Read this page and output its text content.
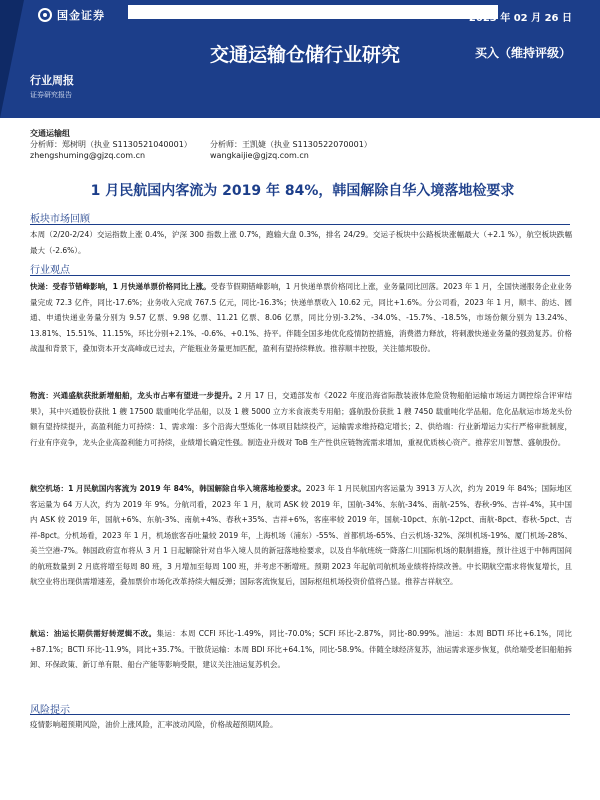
国金证券	2023 年 02 月 26 日
交通运输仓储行业研究	买入（维持评级）
行业周报
证券研究报告
交通运输组
分析师：郑树明（执业 S1130521040001）	分析师：王凯婕（执业 S1130522070001）
zhengshuming@gjzq.com.cn	wangkaijie@gjzq.com.cn
1 月民航国内客流为 2019 年 84%，韩国解除自华入境落地检要求
板块市场回顾
本周（2/20-2/24）交运指数上涨 0.4%，沪深 300 指数上涨 0.7%，跑输大盘 0.3%，排名 24/29。交运子板块中公路板块涨幅最大（+2.1 %），航空板块跌幅最大（-2.6%）。
行业观点
快递：受春节错峰影响，1 月快递单票价格同比上涨。受春节假期错峰影响，1 月快递单票价格同比上涨，业务量同比回落。2023 年 1 月，全国快递服务企业业务量完成 72.3 亿件，同比-17.6%；业务收入完成 767.5 亿元，同比-16.3%；快递单票收入 10.62 元，同比+1.6%。分公司看，2023 年 1 月，顺丰、韵达、圆通、申通快递业务量分别为 9.57 亿票、9.98 亿票、11.21 亿票、8.06 亿票，同比分别-3.2%、-34.0%、-15.7%、-18.5%，市场份额分别为 13.24%、13.81%、15.51%、11.15%，环比分别+2.1%、-0.6%、+0.1%、持平。伴随全国多地优化疫情防控措施，消费潜力释放，将刺激快递业务量的强劲复苏。价格战温和背景下，叠加资本开支高峰或已过去，产能瓶业务量更加匹配，盈利有望持续释放。推荐顺丰控股，关注德邦股份。
物流：兴通盛航获批新增船舶，龙头市占率有望进一步提升。2 月 17 日，交通部发布《2022 年度沿海省际散装液体危险货物船舶运输市场运力调控综合评审结果》，其中兴通股份获批 1 艘 17500 载重吨化学品船，以及 1 艘 5000 立方米食液类专用船；盛航股份获批 1 艘 7450 载重吨化学品船。危化品航运市场龙头份额有望持续提升，高盈利能力可持续：1、需求端：多个沿海大型炼化一体项目陆续投产，运输需求维持稳定增长；2、供给端：行业新增运力实行严格审批制度，行业有序竞争，龙头企业高盈利能力可持续，业绩增长确定性强。制造业升级对 ToB 生产性供应链物流需求增加，重视优质核心资产。推荐宏川智慧、盛航股份。
航空机场：1 月民航国内客流为 2019 年 84%，韩国解除自华入境落地检要求。2023 年 1 月民航国内客运量为 3913 万人次，约为 2019 年 84%；国际地区客运量为 64 万人次，约为 2019 年 9%。分航司看，2023 年 1 月，航司 ASK 较 2019 年，国航-34%、东航-34%、南航-25%、春秋-9%、吉祥-4%，其中国内 ASK 较 2019 年，国航+6%、东航-3%、南航+4%、春秋+35%、吉祥+6%，客座率较 2019 年，国航-10pct、东航-12pct、南航-8pct、春秋-5pct、吉祥-8pct。分机场看，2023 年 1 月，机场旅客吞吐量较 2019 年，上海机场（浦东）-55%、首都机场-65%、白云机场-32%、深圳机场-19%、厦门机场-28%、美兰空港-7%。韩国政府宣布将从 3 月 1 日起解除针对自华入境人员的新冠落地检要求，以及自华航班统一降落仁川国际机场的限制措施，预计往返于中韩两国间的航班数量到 2 月底将增至每周 80 班，3 月增加至每周 100 班，并考虑不断增班。预期 2023 年起航司航机场业绩将持续改善。中长期航空需求将恢复增长，且航空业将出现供需增速差，叠加票价市场化改革持续大幅反弹；国际客流恢复后，国际枢纽机场投资价值将凸显。推荐吉祥航空。
航运：油运长期供需好转逻辑不改。集运：本周 CCFI 环比-1.49%，同比-70.0%；SCFI 环比-2.87%，同比-80.99%。油运：本周 BDTI 环比+6.1%，同比+87.1%；BCTI 环比-11.9%，同比+35.7%。干散货运输：本周 BDI 环比+64.1%，同比-58.9%。伴随全球经济复苏，油运需求逐步恢复，供给端受老旧船舶拆卸、环保政策、新订单有限、船台产能等影响受限，建议关注油运复苏机会。
风险提示
疫情影响超预期风险，油价上涨风险，汇率波动风险，价格战超预期风险。
